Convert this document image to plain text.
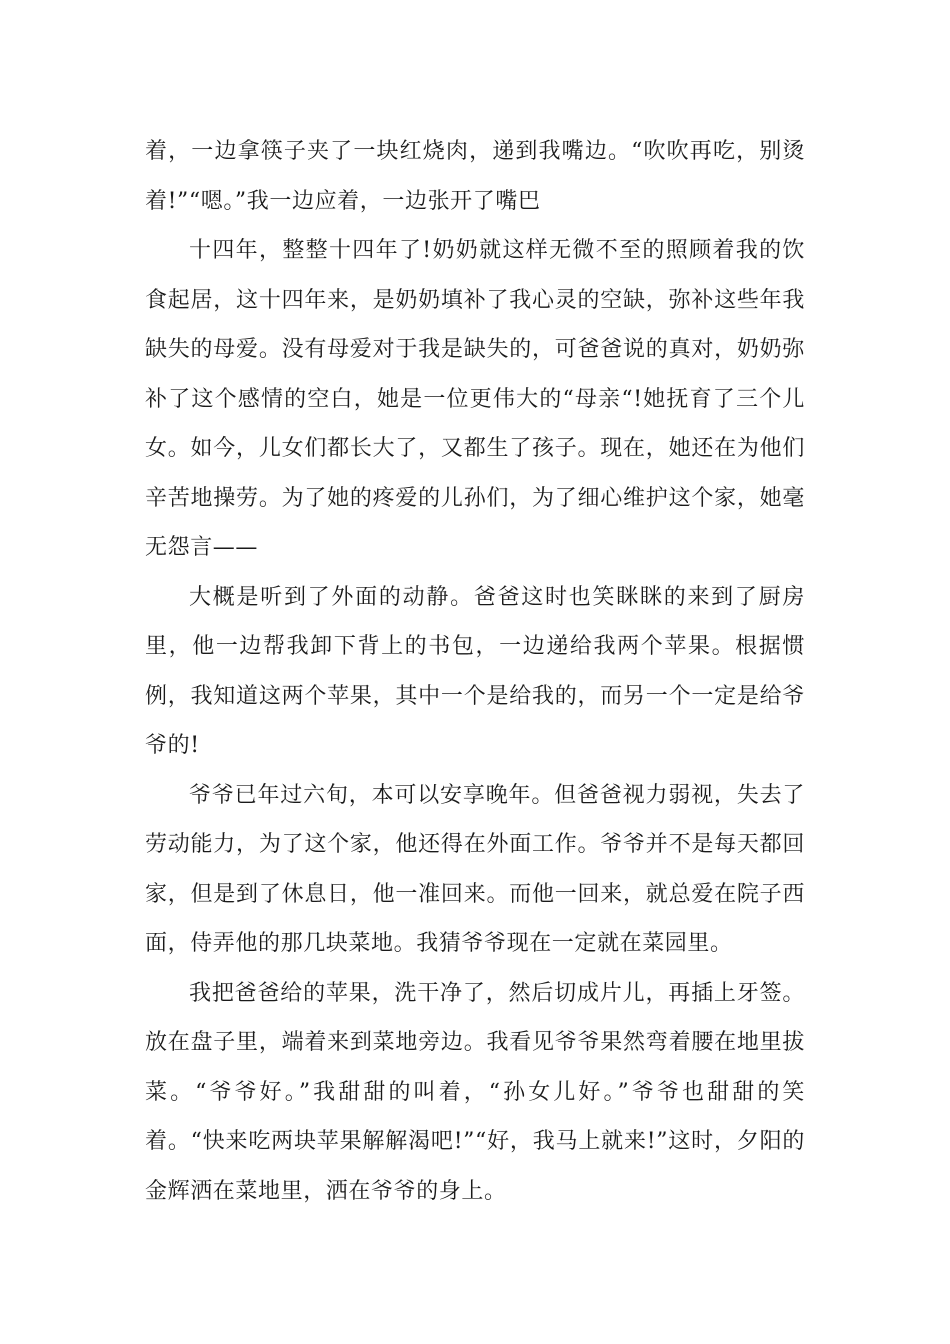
着，一边拿筷子夹了一块红烧肉，递到我嘴边。“吹吹再吃，别烫着!”“嗯。”我一边应着，一边张开了嘴巴

十四年，整整十四年了!奶奶就这样无微不至的照顾着我的饮食起居，这十四年来，是奶奶填补了我心灵的空缺，弥补这些年我缺失的母爱。没有母爱对于我是缺失的，可爸爸说的真对，奶奶弥补了这个感情的空白，她是一位更伟大的“母亲“!她抚育了三个儿女。如今，儿女们都长大了，又都生了孩子。现在，她还在为他们辛苦地操劳。为了她的疼爱的儿孙们，为了细心维护这个家，她毫无怨言——

大概是听到了外面的动静。爸爸这时也笑眯眯的来到了厨房里，他一边帮我卸下背上的书包，一边递给我两个苹果。根据惯例，我知道这两个苹果，其中一个是给我的，而另一个一定是给爷爷的!

爷爷已年过六旬，本可以安享晚年。但爸爸视力弱视，失去了劳动能力，为了这个家，他还得在外面工作。爷爷并不是每天都回家，但是到了休息日，他一准回来。而他一回来，就总爱在院子西面，侍弄他的那几块菜地。我猜爷爷现在一定就在菜园里。

我把爸爸给的苹果，洗干净了，然后切成片儿，再插上牙签。放在盘子里，端着来到菜地旁边。我看见爷爷果然弯着腰在地里拔菜。“爷爷好。”我甜甜的叫着，“孙女儿好。”爷爷也甜甜的笑着。“快来吃两块苹果解解渴吧!”“好，我马上就来!”这时，夕阳的金辉洒在菜地里，洒在爷爷的身上。
